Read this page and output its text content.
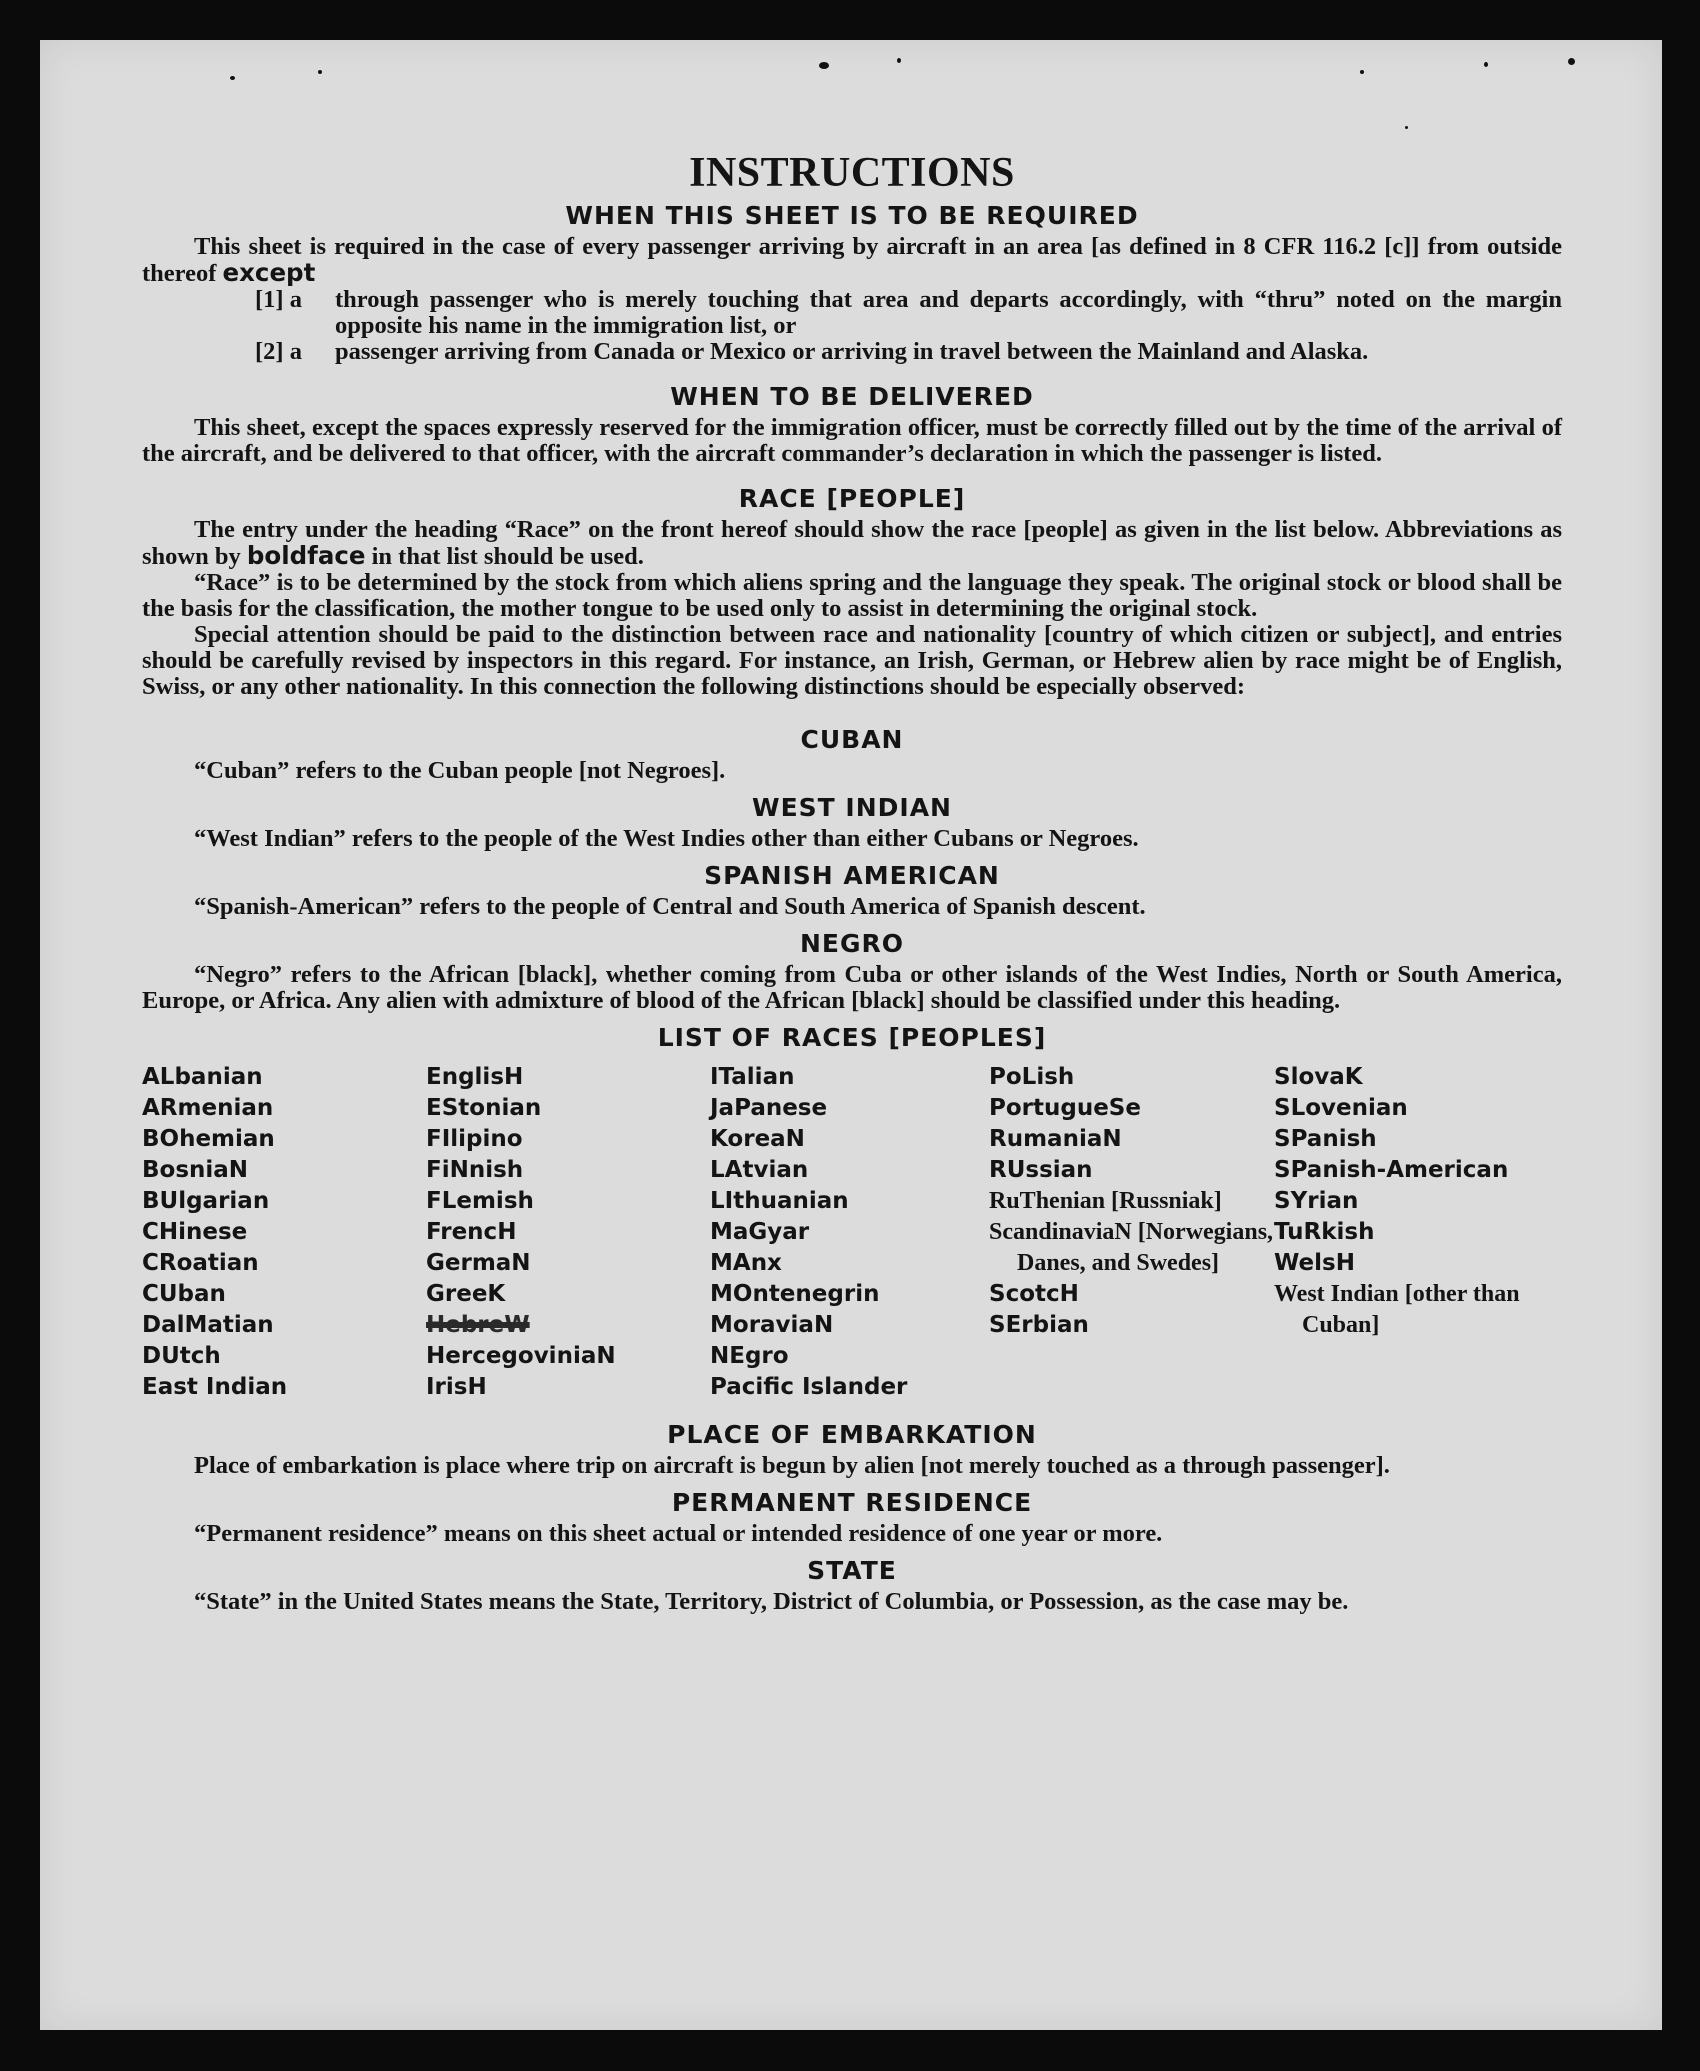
INSTRUCTIONS
WHEN THIS SHEET IS TO BE REQUIRED

This sheet is required in the case of every passenger arriving by aircraft in an area [as defined in 8 CFR 116.2 [c]] from outside thereof except

[1] a	through passenger who is merely touching that area and departs accordingly, with “thru” noted on the margin opposite his name in the immigration list, or
[2] a	passenger arriving from Canada or Mexico or arriving in travel between the Mainland and Alaska.
WHEN TO BE DELIVERED

This sheet, except the spaces expressly reserved for the immigration officer, must be correctly filled out by the time of the arrival of the aircraft, and be delivered to that officer, with the aircraft commander’s declaration in which the passenger is listed.

RACE [PEOPLE]

The entry under the heading “Race” on the front hereof should show the race [people] as given in the list below. Abbreviations as shown by boldface in that list should be used.

“Race” is to be determined by the stock from which aliens spring and the language they speak. The original stock or blood shall be the basis for the classification, the mother tongue to be used only to assist in determining the original stock.

Special attention should be paid to the distinction between race and nationality [country of which citizen or subject], and entries should be carefully revised by inspectors in this regard. For instance, an Irish, German, or Hebrew alien by race might be of English, Swiss, or any other nationality. In this connection the following distinctions should be especially observed:

CUBAN

“Cuban” refers to the Cuban people [not Negroes].

WEST INDIAN

“West Indian” refers to the people of the West Indies other than either Cubans or Negroes.

SPANISH AMERICAN

“Spanish-American” refers to the people of Central and South America of Spanish descent.

NEGRO

“Negro” refers to the African [black], whether coming from Cuba or other islands of the West Indies, North or South America, Europe, or Africa. Any alien with admixture of blood of the African [black] should be classified under this heading.

LIST OF RACES [PEOPLES]
ALbanian
ARmenian
BOhemian
BosniaN
BUlgarian
CHinese
CRoatian
CUban
DalMatian
DUtch
East Indian
EnglisH
EStonian
FIlipino
FiNnish
FLemish
FrencH
GermaN
GreeK
HebreW
HercegoviniaN
IrisH
ITalian
JaPanese
KoreaN
LAtvian
LIthuanian
MaGyar
MAnx
MOntenegrin
MoraviaN
NEgro
Pacific Islander
PoLish
PortugueSe
RumaniaN
RUssian
RuThenian [Russniak]
ScandinaviaN [Norwegians, Danes, and Swedes]
ScotcH
SErbian
SlovaK
SLovenian
SPanish
SPanish-American
SYrian
TuRkish
WelsH
West Indian [other than Cuban]
PLACE OF EMBARKATION

Place of embarkation is place where trip on aircraft is begun by alien [not merely touched as a through passenger].

PERMANENT RESIDENCE

“Permanent residence” means on this sheet actual or intended residence of one year or more.

STATE

“State” in the United States means the State, Territory, District of Columbia, or Possession, as the case may be.
